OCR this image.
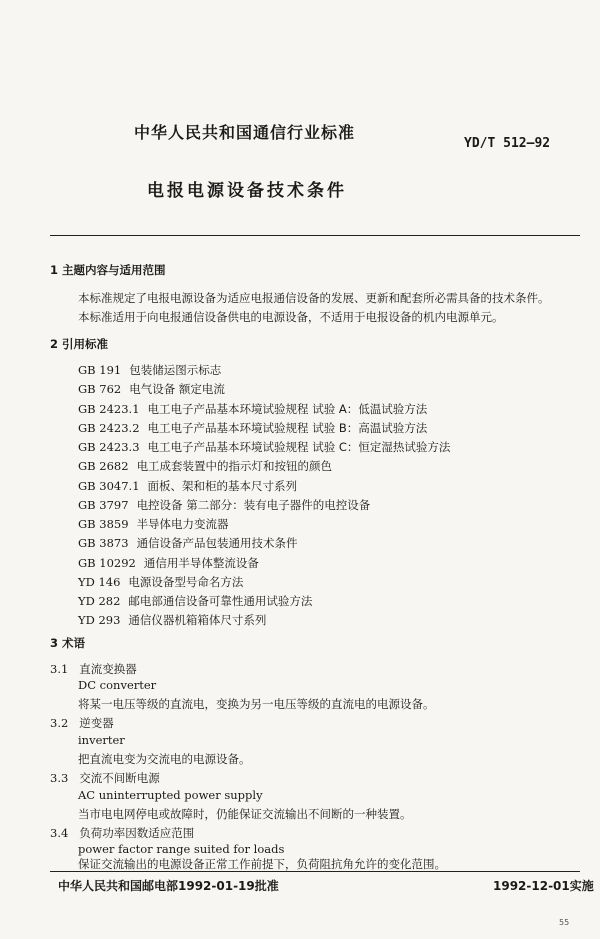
中华人民共和国通信行业标准
YD/T 512—92
电报电源设备技术条件
1 主题内容与适用范围
本标准规定了电报电源设备为适应电报通信设备的发展、更新和配套所必需具备的技术条件。
本标准适用于向电报通信设备供电的电源设备，不适用于电报设备的机内电源单元。
2 引用标准
GB 191 包装储运图示标志
GB 762 电气设备 额定电流
GB 2423.1 电工电子产品基本环境试验规程 试验 A：低温试验方法
GB 2423.2 电工电子产品基本环境试验规程 试验 B：高温试验方法
GB 2423.3 电工电子产品基本环境试验规程 试验 C：恒定湿热试验方法
GB 2682 电工成套装置中的指示灯和按钮的颜色
GB 3047.1 面板、架和柜的基本尺寸系列
GB 3797 电控设备 第二部分：装有电子器件的电控设备
GB 3859 半导体电力变流器
GB 3873 通信设备产品包装通用技术条件
GB 10292 通信用半导体整流设备
YD 146 电源设备型号命名方法
YD 282 邮电部通信设备可靠性通用试验方法
YD 293 通信仪器机箱箱体尺寸系列
3 术语
3.1 直流变换器
DC converter
将某一电压等级的直流电，变换为另一电压等级的直流电的电源设备。
3.2 逆变器
inverter
把直流电变为交流电的电源设备。
3.3 交流不间断电源
AC uninterrupted power supply
当市电电网停电或故障时，仍能保证交流输出不间断的一种装置。
3.4 负荷功率因数适应范围
power factor range suited for loads
保证交流输出的电源设备正常工作前提下，负荷阻抗角允许的变化范围。
中华人民共和国邮电部1992-01-19批准	1992-12-01实施
55
